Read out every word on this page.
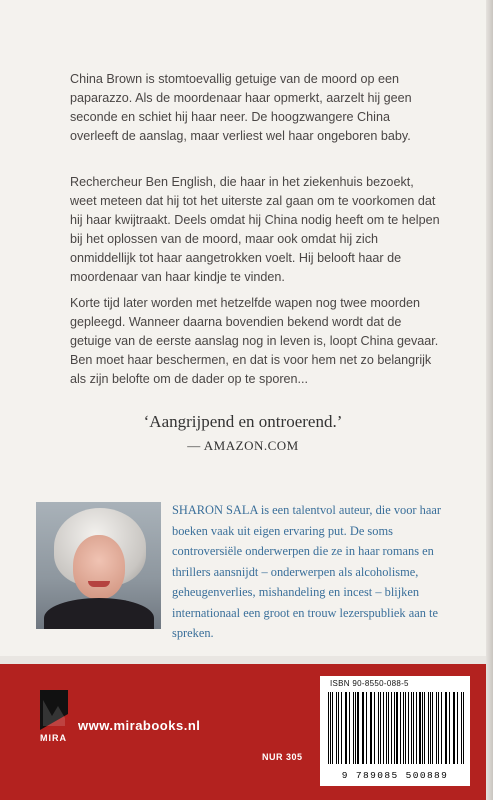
China Brown is stomtoevallig getuige van de moord op een paparazzo. Als de moordenaar haar opmerkt, aarzelt hij geen seconde en schiet hij haar neer. De hoogzwangere China overleeft de aanslag, maar verliest wel haar ongeboren baby.

Rechercheur Ben English, die haar in het ziekenhuis bezoekt, weet meteen dat hij tot het uiterste zal gaan om te voorkomen dat hij haar kwijtraakt. Deels omdat hij China nodig heeft om te helpen bij het oplossen van de moord, maar ook omdat hij zich onmiddellijk tot haar aangetrokken voelt. Hij belooft haar de moordenaar van haar kindje te vinden.

Korte tijd later worden met hetzelfde wapen nog twee moorden gepleegd. Wanneer daarna bovendien bekend wordt dat de getuige van de eerste aanslag nog in leven is, loopt China gevaar. Ben moet haar beschermen, en dat is voor hem net zo belangrijk als zijn belofte om de dader op te sporen...

‘Aangrijpend en ontroerend.’
— AMAZON.COM

SHARON SALA is een talentvol auteur, die voor haar boeken vaak uit eigen ervaring put. De soms controversiële onderwerpen die ze in haar romans en thrillers aansnijdt – onderwerpen als alcoholisme, geheugenverlies, mishandeling en incest – blijken internationaal een groot en trouw lezerspubliek aan te spreken.

MIRA
www.mirabooks.nl
NUR 305
ISBN 90-8550-088-5
9 789085 500889
